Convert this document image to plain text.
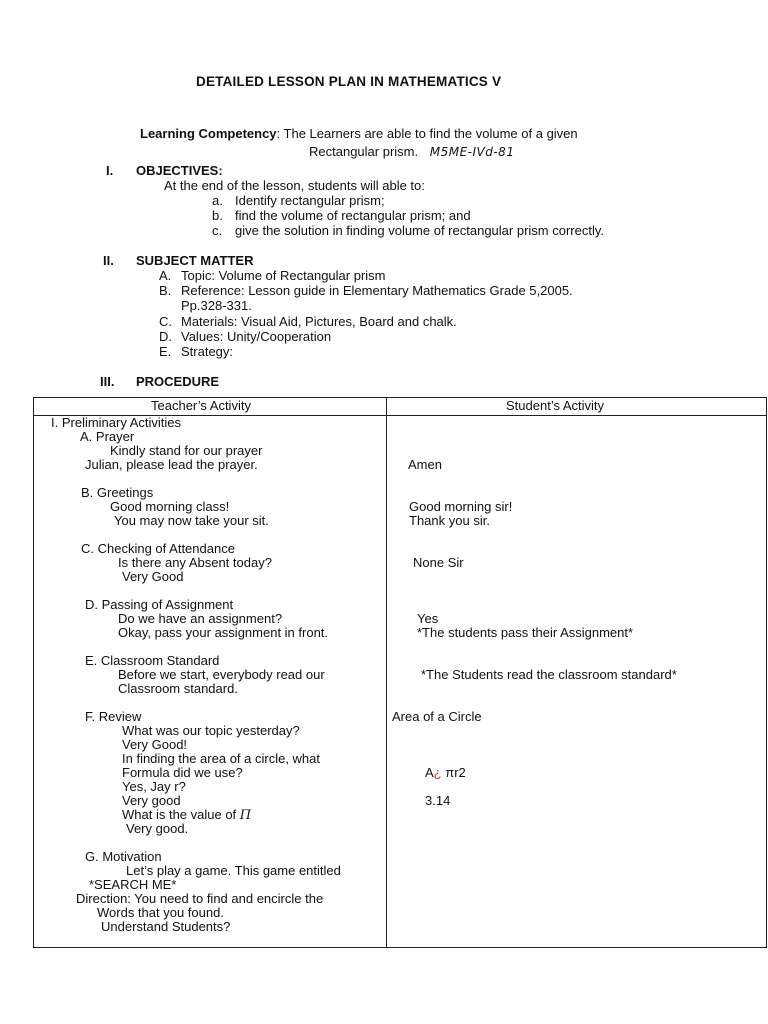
DETAILED LESSON PLAN IN MATHEMATICS V
Learning Competency: The Learners are able to find the volume of a given
Rectangular prism. M5ME-IVd-81
I. OBJECTIVES:
At the end of the lesson, students will able to:
a. Identify rectangular prism;
b. find the volume of rectangular prism; and
c. give the solution in finding volume of rectangular prism correctly.
II. SUBJECT MATTER
A. Topic: Volume of Rectangular prism
B. Reference: Lesson guide in Elementary Mathematics Grade 5,2005.
Pp.328-331.
C. Materials: Visual Aid, Pictures, Board and chalk.
D. Values: Unity/Cooperation
E. Strategy:
III. PROCEDURE
Teacher’s Activity	Student’s Activity
I. Preliminary Activities
A. Prayer
Kindly stand for our prayer
Julian, please lead the prayer.
B. Greetings
Good morning class!
You may now take your sit.
C. Checking of Attendance
Is there any Absent today?
Very Good
D. Passing of Assignment
Do we have an assignment?
Okay, pass your assignment in front.
E. Classroom Standard
Before we start, everybody read our
Classroom standard.
F. Review
What was our topic yesterday?
Very Good!
In finding the area of a circle, what
Formula did we use?
Yes, Jay r?
Very good
What is the value of Π
Very good.
G. Motivation
Let’s play a game. This game entitled
*SEARCH ME*
Direction: You need to find and encircle the
Words that you found.
Understand Students?
Amen
Good morning sir!
Thank you sir.
None Sir
Yes
*The students pass their Assignment*
*The Students read the classroom standard*
Area of a Circle
A¿ πr2
3.14
